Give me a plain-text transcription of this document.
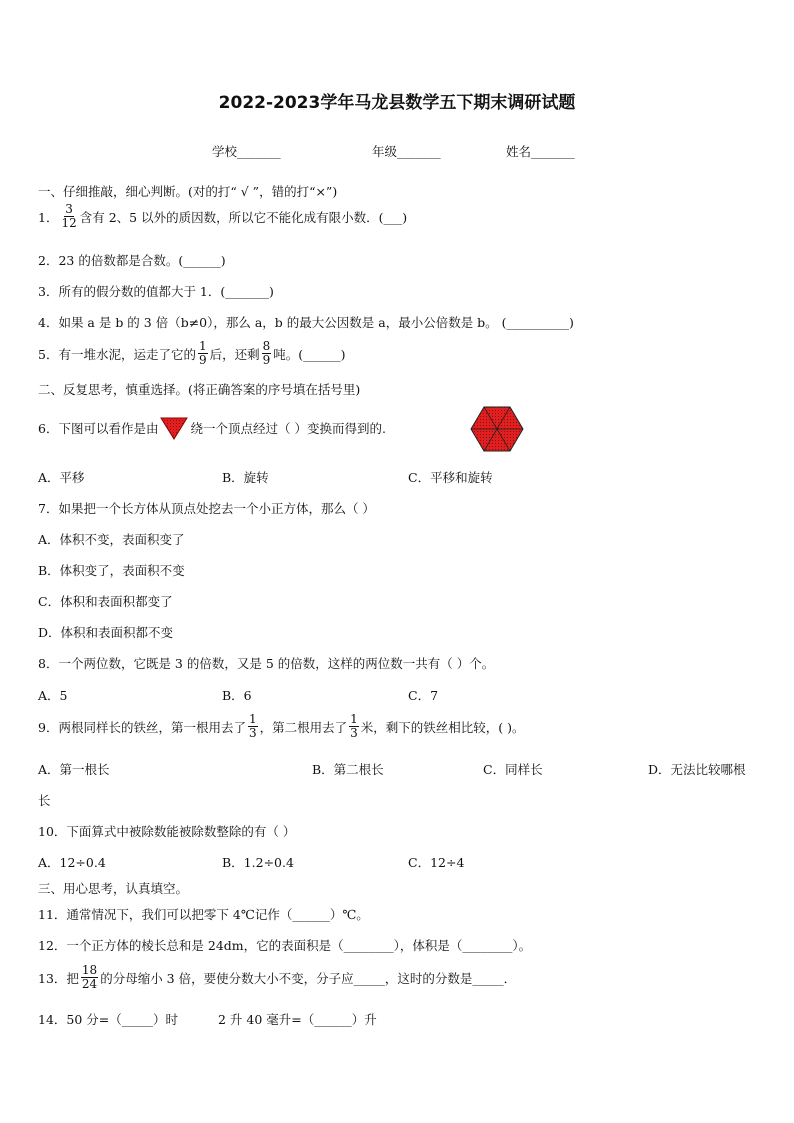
2022-2023学年马龙县数学五下期末调研试题
学校_______	年级_______	姓名_______
一、仔细推敲，细心判断。(对的打“ √ ”，错的打“×”)
1． $\frac{3}{12}$ 含有 2、5 以外的质因数，所以它不能化成有限小数．(___)
2．23 的倍数都是合数。(______)
3．所有的假分数的值都大于 1．(_______)
4．如果 a 是 b 的 3 倍（b≠0），那么 a，b 的最大公因数是 a，最小公倍数是 b。 (__________)
5．有一堆水泥，运走了它的 $\frac{1}{9}$ 后，还剩 $\frac{8}{9}$ 吨。(______)
二、反复思考，慎重选择。(将正确答案的序号填在括号里)
6．下图可以看作是由	绕一个顶点经过（ ）变换而得到的.
A．平移	B．旋转	C．平移和旋转
7．如果把一个长方体从顶点处挖去一个小正方体，那么（ ）
A．体积不变，表面积变了
B．体积变了，表面积不变
C．体积和表面积都变了
D．体积和表面积都不变
8．一个两位数，它既是 3 的倍数，又是 5 的倍数，这样的两位数一共有（ ）个。
A．5	B．6	C．7
9．两根同样长的铁丝，第一根用去了 $\frac{1}{3}$ ，第二根用去了 $\frac{1}{3}$ 米，剩下的铁丝相比较，( )。
A．第一根长	B．第二根长	C．同样长	D．无法比较哪根
长
10．下面算式中被除数能被除数整除的有（ ）
A．12÷0.4	B．1.2÷0.4	C．12÷4
三、用心思考，认真填空。
11．通常情况下，我们可以把零下 4℃记作（______）℃。
12．一个正方体的棱长总和是 24dm，它的表面积是（________），体积是（________）。
13．把 $\frac{18}{24}$ 的分母缩小 3 倍，要使分数大小不变，分子应_____，这时的分数是_____．
14．50 分=（_____）时	2 升 40 毫升=（______）升
